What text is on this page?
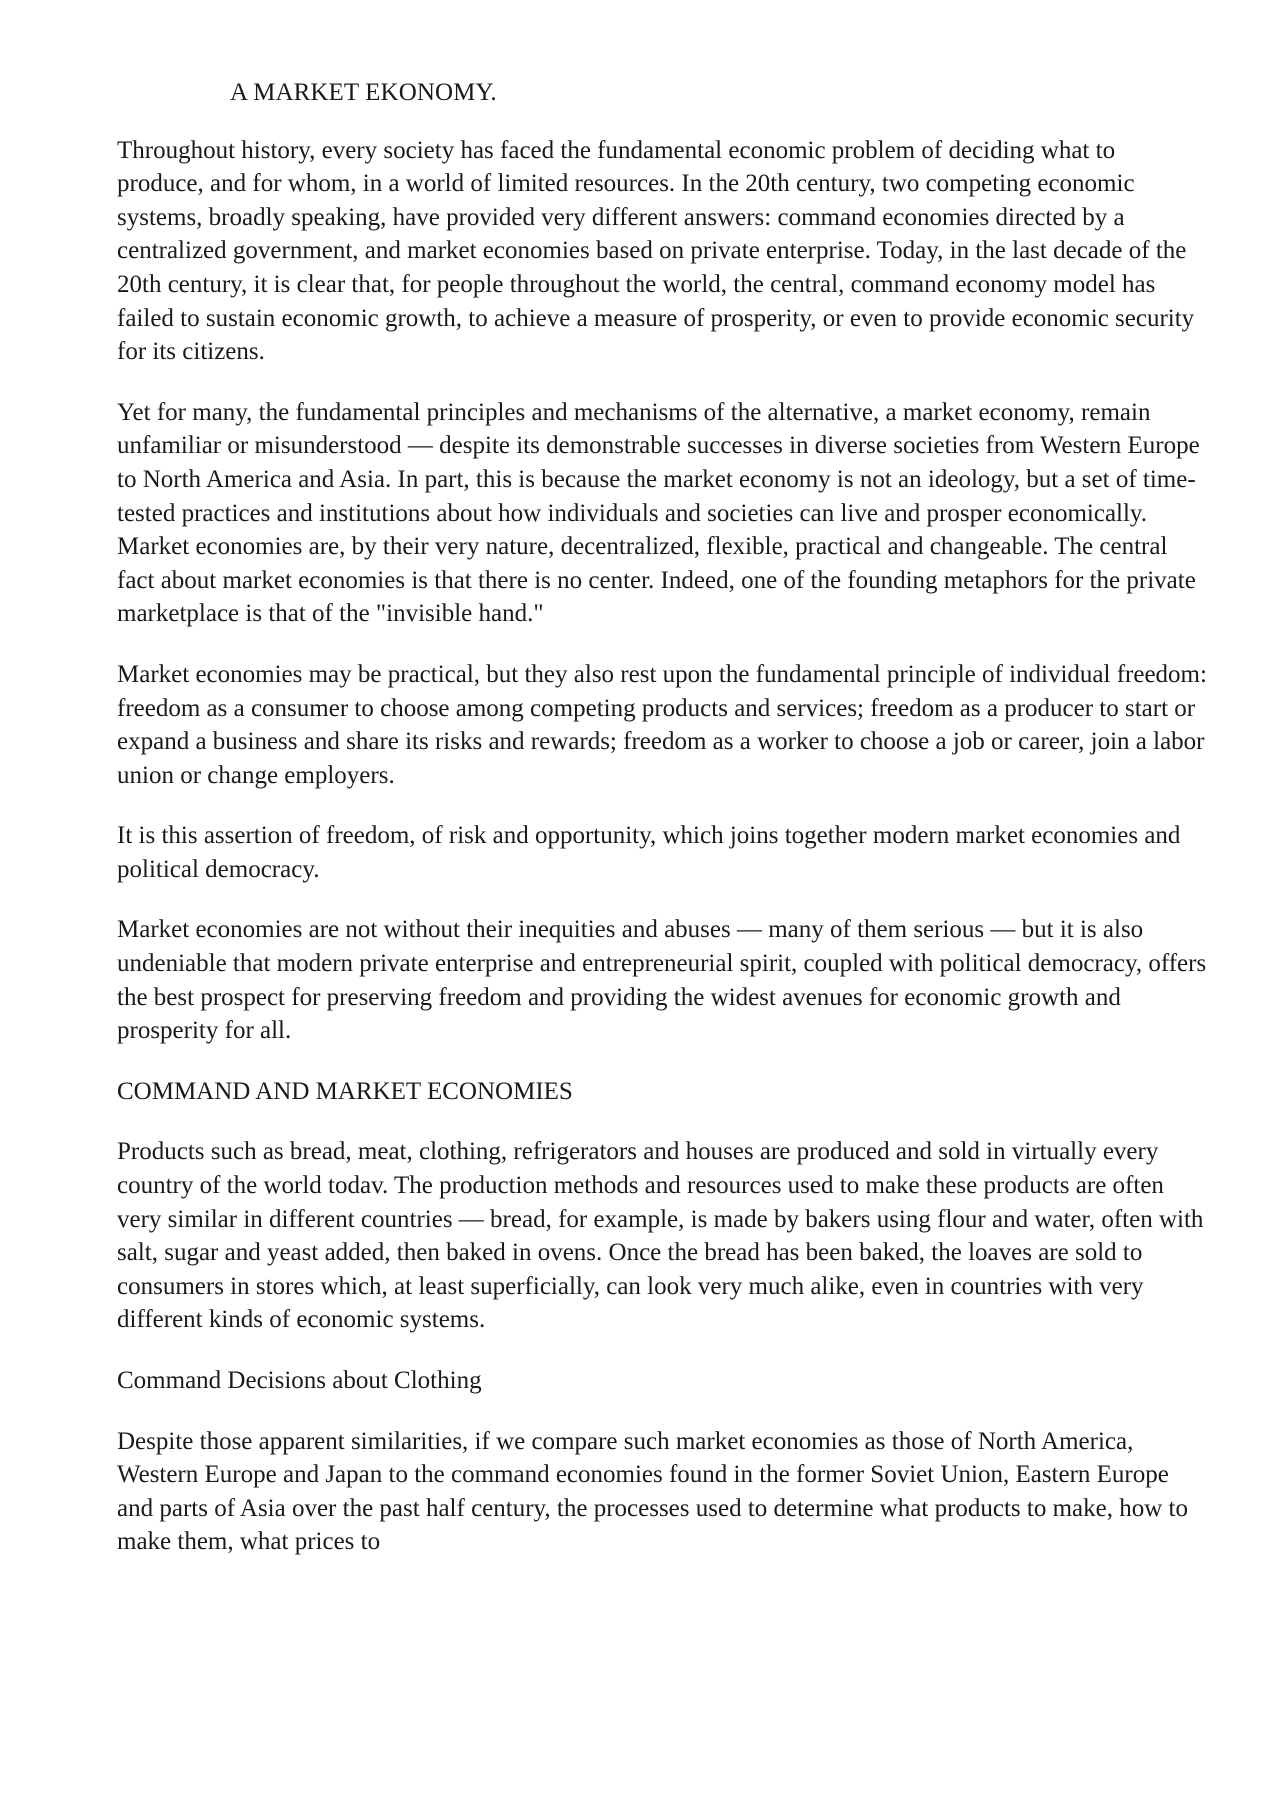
A MARKET EKONOMY.

Throughout history, every society has faced the fundamental economic problem of deciding what to produce, and for whom, in a world of limited resources. In the 20th century, two competing economic systems, broadly speaking, have provided very different answers: command economies directed by a centralized government, and market economies based on private enterprise. Today, in the last decade of the 20th century, it is clear that, for people throughout the world, the central, command economy model has failed to sustain economic growth, to achieve a measure of prosperity, or even to provide economic security for its citizens.

Yet for many, the fundamental principles and mechanisms of the alternative, a market economy, remain unfamiliar or misunderstood — despite its demonstrable successes in diverse societies from Western Europe to North America and Asia. In part, this is because the market economy is not an ideology, but a set of time-tested practices and institutions about how individuals and societies can live and prosper economically. Market economies are, by their very nature, decentralized, flexible, practical and changeable. The central fact about market economies is that there is no center. Indeed, one of the founding metaphors for the private marketplace is that of the "invisible hand."

Market economies may be practical, but they also rest upon the fundamental principle of individual freedom: freedom as a consumer to choose among competing products and services; freedom as a producer to start or expand a business and share its risks and rewards; freedom as a worker to choose a job or career, join a labor union or change employers.

It is this assertion of freedom, of risk and opportunity, which joins together modern market economies and political democracy.

Market economies are not without their inequities and abuses — many of them serious — but it is also undeniable that modern private enterprise and entrepreneurial spirit, coupled with political democracy, offers the best prospect for preserving freedom and providing the widest avenues for economic growth and prosperity for all.

COMMAND AND MARKET ECONOMIES

Products such as bread, meat, clothing, refrigerators and houses are produced and sold in virtually every country of the world todav. The production methods and resources used to make these products are often very similar in different countries — bread, for example, is made by bakers using flour and water, often with salt, sugar and yeast added, then baked in ovens. Once the bread has been baked, the loaves are sold to consumers in stores which, at least superficially, can look very much alike, even in countries with very different kinds of economic systems.

Command Decisions about Clothing

Despite those apparent similarities, if we compare such market economies as those of North America, Western Europe and Japan to the command economies found in the former Soviet Union, Eastern Europe and parts of Asia over the past half century, the processes used to determine what products to make, how to make them, what prices to
